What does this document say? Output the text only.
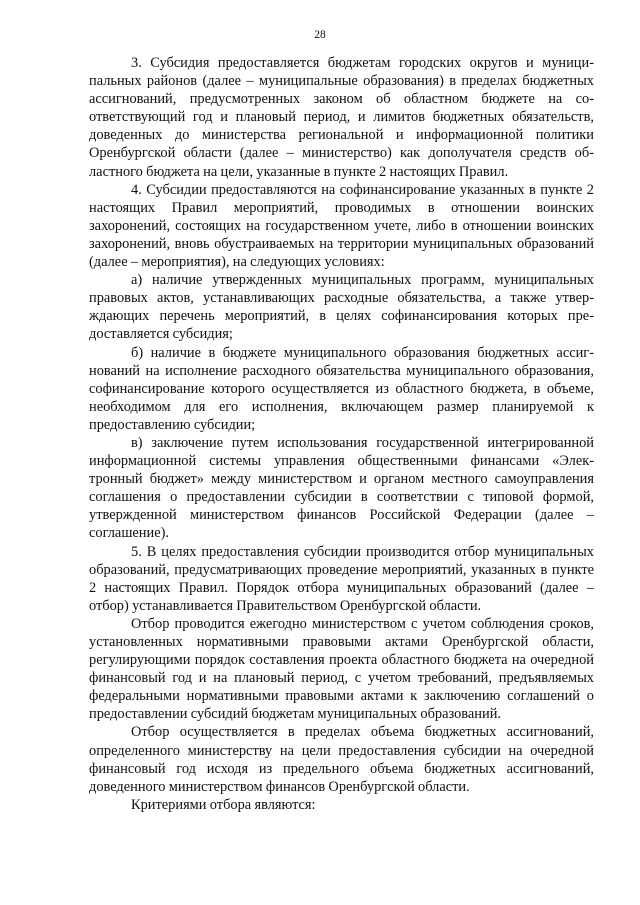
28

3. Субсидия предоставляется бюджетам городских округов и муниципальных районов (далее – муниципальные образования) в пределах бюджетных ассигнований, предусмотренных законом об областном бюджете на соответствующий год и плановый период, и лимитов бюджетных обязательств, доведенных до министерства региональной и информационной политики Оренбургской области (далее – министерство) как дополучателя средств областного бюджета на цели, указанные в пункте 2 настоящих Правил.

4. Субсидии предоставляются на софинансирование указанных в пункте 2 настоящих Правил мероприятий, проводимых в отношении воинских захоронений, состоящих на государственном учете, либо в отношении воинских захоронений, вновь обустраиваемых на территории муниципальных образований (далее – мероприятия), на следующих условиях:

а) наличие утвержденных муниципальных программ, муниципальных правовых актов, устанавливающих расходные обязательства, а также утверждающих перечень мероприятий, в целях софинансирования которых предоставляется субсидия;

б) наличие в бюджете муниципального образования бюджетных ассигнований на исполнение расходного обязательства муниципального образования, софинансирование которого осуществляется из областного бюджета, в объеме, необходимом для его исполнения, включающем размер планируемой к предоставлению субсидии;

в) заключение путем использования государственной интегрированной информационной системы управления общественными финансами «Электронный бюджет» между министерством и органом местного самоуправления соглашения о предоставлении субсидии в соответствии с типовой формой, утвержденной министерством финансов Российской Федерации (далее – соглашение).

5. В целях предоставления субсидии производится отбор муниципальных образований, предусматривающих проведение мероприятий, указанных в пункте 2 настоящих Правил. Порядок отбора муниципальных образований (далее – отбор) устанавливается Правительством Оренбургской области.

Отбор проводится ежегодно министерством с учетом соблюдения сроков, установленных нормативными правовыми актами Оренбургской области, регулирующими порядок составления проекта областного бюджета на очередной финансовый год и на плановый период, с учетом требований, предъявляемых федеральными нормативными правовыми актами к заключению соглашений о предоставлении субсидий бюджетам муниципальных образований.

Отбор осуществляется в пределах объема бюджетных ассигнований, определенного министерству на цели предоставления субсидии на очередной финансовый год исходя из предельного объема бюджетных ассигнований, доведенного министерством финансов Оренбургской области.

Критериями отбора являются:
